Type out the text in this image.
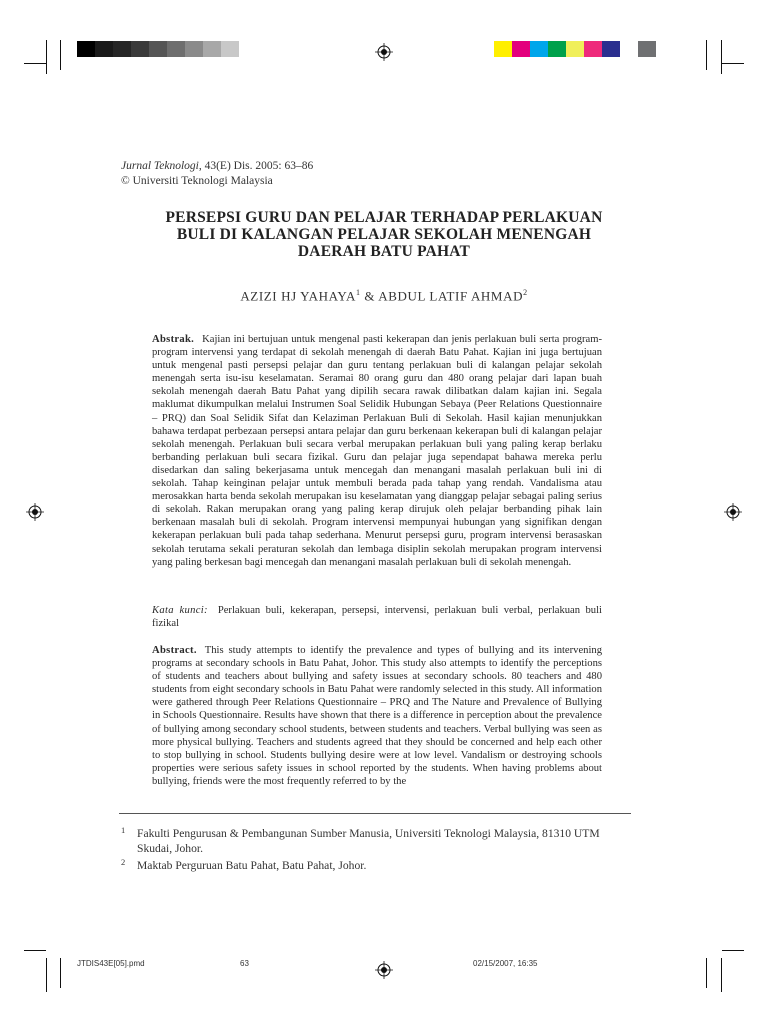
Jurnal Teknologi, 43(E) Dis. 2005: 63–86
© Universiti Teknologi Malaysia
PERSEPSI GURU DAN PELAJAR TERHADAP PERLAKUAN
BULI DI KALANGAN PELAJAR SEKOLAH MENENGAH
DAERAH BATU PAHAT
AZIZI HJ YAHAYA$^1$ & ABDUL LATIF AHMAD$^2$
Abstrak. Kajian ini bertujuan untuk mengenal pasti kekerapan dan jenis perlakuan buli serta program-program intervensi yang terdapat di sekolah menengah di daerah Batu Pahat. Kajian ini juga bertujuan untuk mengenal pasti persepsi pelajar dan guru tentang perlakuan buli di kalangan pelajar sekolah menengah serta isu-isu keselamatan. Seramai 80 orang guru dan 480 orang pelajar dari lapan buah sekolah menengah daerah Batu Pahat yang dipilih secara rawak dilibatkan dalam kajian ini. Segala maklumat dikumpulkan melalui Instrumen Soal Selidik Hubungan Sebaya (Peer Relations Questionnaire – PRQ) dan Soal Selidik Sifat dan Kelaziman Perlakuan Buli di Sekolah. Hasil kajian menunjukkan bahawa terdapat perbezaan persepsi antara pelajar dan guru berkenaan kekerapan buli di kalangan pelajar sekolah menengah. Perlakuan buli secara verbal merupakan perlakuan buli yang paling kerap berlaku berbanding perlakuan buli secara fizikal. Guru dan pelajar juga sependapat bahawa mereka perlu disedarkan dan saling bekerjasama untuk mencegah dan menangani masalah perlakuan buli ini di sekolah. Tahap keinginan pelajar untuk membuli berada pada tahap yang rendah. Vandalisma atau merosakkan harta benda sekolah merupakan isu keselamatan yang dianggap pelajar sebagai paling serius di sekolah. Rakan merupakan orang yang paling kerap dirujuk oleh pelajar berbanding pihak lain berkenaan masalah buli di sekolah. Program intervensi mempunyai hubungan yang signifikan dengan kekerapan perlakuan buli pada tahap sederhana. Menurut persepsi guru, program intervensi berasaskan sekolah terutama sekali peraturan sekolah dan lembaga disiplin sekolah merupakan program intervensi yang paling berkesan bagi mencegah dan menangani masalah perlakuan buli di sekolah menengah.
Kata kunci: Perlakuan buli, kekerapan, persepsi, intervensi, perlakuan buli verbal, perlakuan buli fizikal
Abstract. This study attempts to identify the prevalence and types of bullying and its intervening programs at secondary schools in Batu Pahat, Johor. This study also attempts to identify the perceptions of students and teachers about bullying and safety issues at secondary schools. 80 teachers and 480 students from eight secondary schools in Batu Pahat were randomly selected in this study. All information were gathered through Peer Relations Questionnaire – PRQ and The Nature and Prevalence of Bullying in Schools Questionnaire. Results have shown that there is a difference in perception about the prevalence of bullying among secondary school students, between students and teachers. Verbal bullying was seen as more physical bullying. Teachers and students agreed that they should be concerned and help each other to stop bullying in school. Students bullying desire were at low level. Vandalism or destroying schools properties were serious safety issues in school reported by the students. When having problems about bullying, friends were the most frequently referred to by the
1 Fakulti Pengurusan & Pembangunan Sumber Manusia, Universiti Teknologi Malaysia, 81310 UTM Skudai, Johor.
2 Maktab Perguruan Batu Pahat, Batu Pahat, Johor.
JTDIS43E[05].pmd	63	02/15/2007, 16:35
